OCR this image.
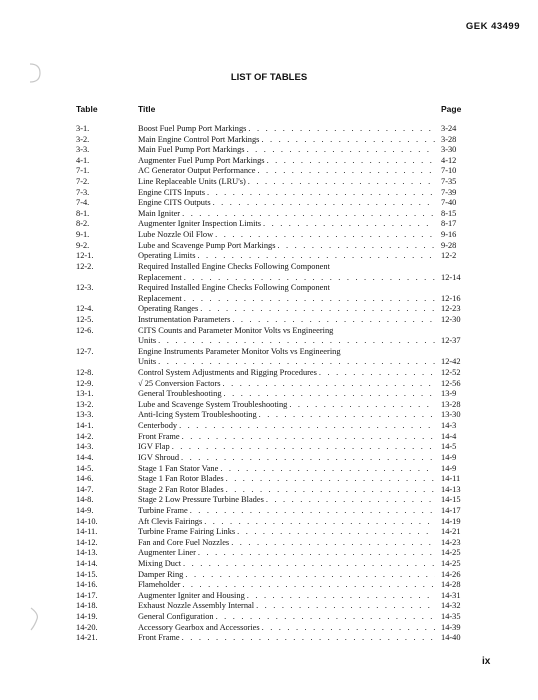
GEK 43499
LIST OF TABLES
Table	Title	Page
3-1.	Boost Fuel Pump Port Markings . . .	3-24
3-2.	Main Engine Control Port Markings . . .	3-28
3-3.	Main Fuel Pump Port Markings . . .	3-30
4-1.	Augmenter Fuel Pump Port Markings . . .	4-12
7-1.	AC Generator Output Performance . . .	7-10
7-2.	Line Replaceable Units (LRU's) . . .	7-35
7-3.	Engine CITS Inputs . . .	7-39
7-4.	Engine CITS Outputs . . .	7-40
8-1.	Main Igniter . . .	8-15
8-2.	Augmenter Igniter Inspection Limits . . .	8-17
9-1.	Lube Nozzle Oil Flow . . .	9-16
9-2.	Lube and Scavenge Pump Port Markings . . .	9-28
12-1.	Operating Limits . . .	12-2
12-2.	Required Installed Engine Checks Following Component
Replacement . . .	12-14
12-3.	Required Installed Engine Checks Following Component
Replacement . . .	12-16
12-4.	Operating Ranges . . .	12-23
12-5.	Instrumentation Parameters . . .	12-30
12-6.	CITS Counts and Parameter Monitor Volts vs Engineering
Units . . .	12-37
12-7.	Engine Instruments Parameter Monitor Volts vs Engineering
Units . . .	12-42
12-8.	Control System Adjustments and Rigging Procedures . . .	12-52
12-9.	√ 25 Conversion Factors . . .	12-56
13-1.	General Troubleshooting . . .	13-9
13-2.	Lube and Scavenge System Troubleshooting . . .	13-28
13-3.	Anti-Icing System Troubleshooting . . .	13-30
14-1.	Centerbody . . .	14-3
14-2.	Front Frame . . .	14-4
14-3.	IGV Flap . . .	14-5
14-4.	IGV Shroud . . .	14-9
14-5.	Stage 1 Fan Stator Vane . . .	14-9
14-6.	Stage 1 Fan Rotor Blades . . .	14-11
14-7.	Stage 2 Fan Rotor Blades . . .	14-13
14-8.	Stage 2 Low Pressure Turbine Blades . . .	14-15
14-9.	Turbine Frame . . .	14-17
14-10.	Aft Clevis Fairings . . .	14-19
14-11.	Turbine Frame Fairing Links . . .	14-21
14-12.	Fan and Core Fuel Nozzles . . .	14-23
14-13.	Augmenter Liner . . .	14-25
14-14.	Mixing Duct . . .	14-25
14-15.	Damper Ring . . .	14-26
14-16.	Flameholder . . .	14-28
14-17.	Augmenter Igniter and Housing . . .	14-31
14-18.	Exhaust Nozzle Assembly Internal . . .	14-32
14-19.	General Configuration . . .	14-35
14-20.	Accessory Gearbox and Accessories . . .	14-39
14-21.	Front Frame . . .	14-40
ix
